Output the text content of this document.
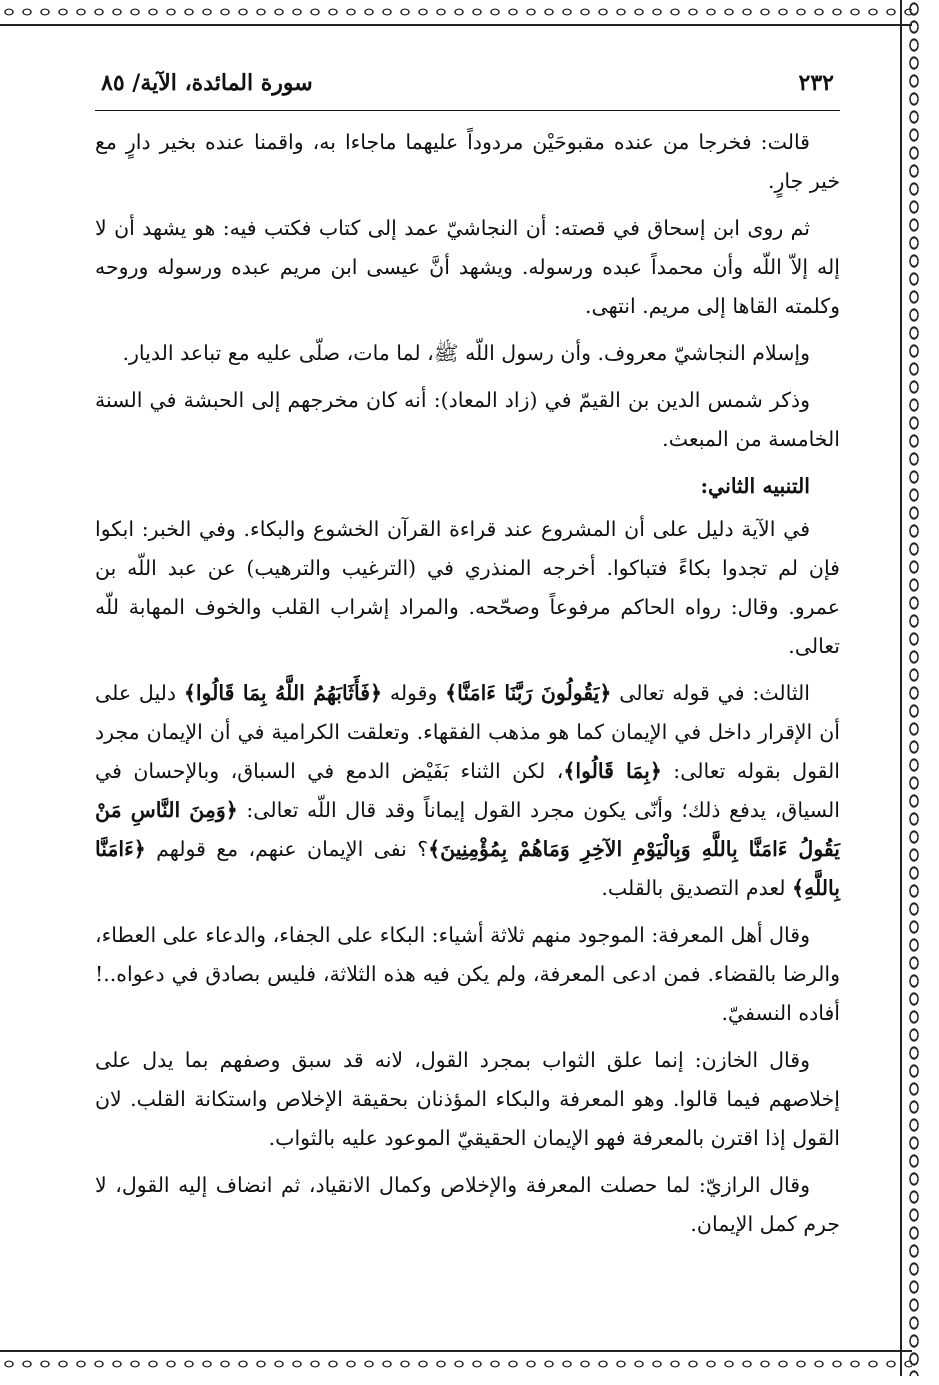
٢٣٢
سورة المائدة، الآية/ ٨٥

قالت: فخرجا من عنده مقبوحَيْن مردوداً عليهما ماجاءا به، واقمنا عنده بخير دارٍ مع خير جارٍ.

ثم روى ابن إسحاق في قصته: أن النجاشيّ عمد إلى كتاب فكتب فيه: هو يشهد أن لا إله إلاّ اللّه وأن محمداً عبده ورسوله. ويشهد أنَّ عيسى ابن مريم عبده ورسوله وروحه وكلمته القاها إلى مريم. انتهى.

وإسلام النجاشيّ معروف. وأن رسول اللّه ﷺ، لما مات، صلّى عليه مع تباعد الديار.

وذكر شمس الدين بن القيمّ في (زاد المعاد): أنه كان مخرجهم إلى الحبشة في السنة الخامسة من المبعث.

التنبيه الثاني:

في الآية دليل على أن المشروع عند قراءة القرآن الخشوع والبكاء. وفي الخبر: ابكوا فإن لم تجدوا بكاءً فتباكوا. أخرجه المنذري في (الترغيب والترهيب) عن عبد اللّه بن عمرو. وقال: رواه الحاكم مرفوعاً وصحّحه. والمراد إشراب القلب والخوف المهابة للّه تعالى.

الثالث: في قوله تعالى ﴿يَقُولُونَ رَبَّنَا ءَامَنَّا﴾ وقوله ﴿فَأَثَابَهُمُ اللَّهُ بِمَا قَالُوا﴾ دليل على أن الإقرار داخل في الإيمان كما هو مذهب الفقهاء. وتعلقت الكرامية في أن الإيمان مجرد القول بقوله تعالى: ﴿بِمَا قَالُوا﴾، لكن الثناء بَفَيْض الدمع في السباق، وبالإحسان في السياق، يدفع ذلك؛ وأنّى يكون مجرد القول إيماناً وقد قال اللّه تعالى: ﴿وَمِنَ النَّاسِ مَنْ يَقُولُ ءَامَنَّا بِاللَّهِ وَبِالْيَوْمِ الآخِرِ وَمَاهُمْ بِمُؤْمِنِينَ﴾؟ نفى الإيمان عنهم، مع قولهم ﴿ءَامَنَّا بِاللَّهِ﴾ لعدم التصديق بالقلب.

وقال أهل المعرفة: الموجود منهم ثلاثة أشياء: البكاء على الجفاء، والدعاء على العطاء، والرضا بالقضاء. فمن ادعى المعرفة، ولم يكن فيه هذه الثلاثة، فليس بصادق في دعواه..! أفاده النسفيّ.

وقال الخازن: إنما علق الثواب بمجرد القول، لانه قد سبق وصفهم بما يدل على إخلاصهم فيما قالوا. وهو المعرفة والبكاء المؤذنان بحقيقة الإخلاص واستكانة القلب. لان القول إذا اقترن بالمعرفة فهو الإيمان الحقيقيّ الموعود عليه بالثواب.

وقال الرازيّ: لما حصلت المعرفة والإخلاص وكمال الانقياد، ثم انضاف إليه القول، لا جرم كمل الإيمان.
